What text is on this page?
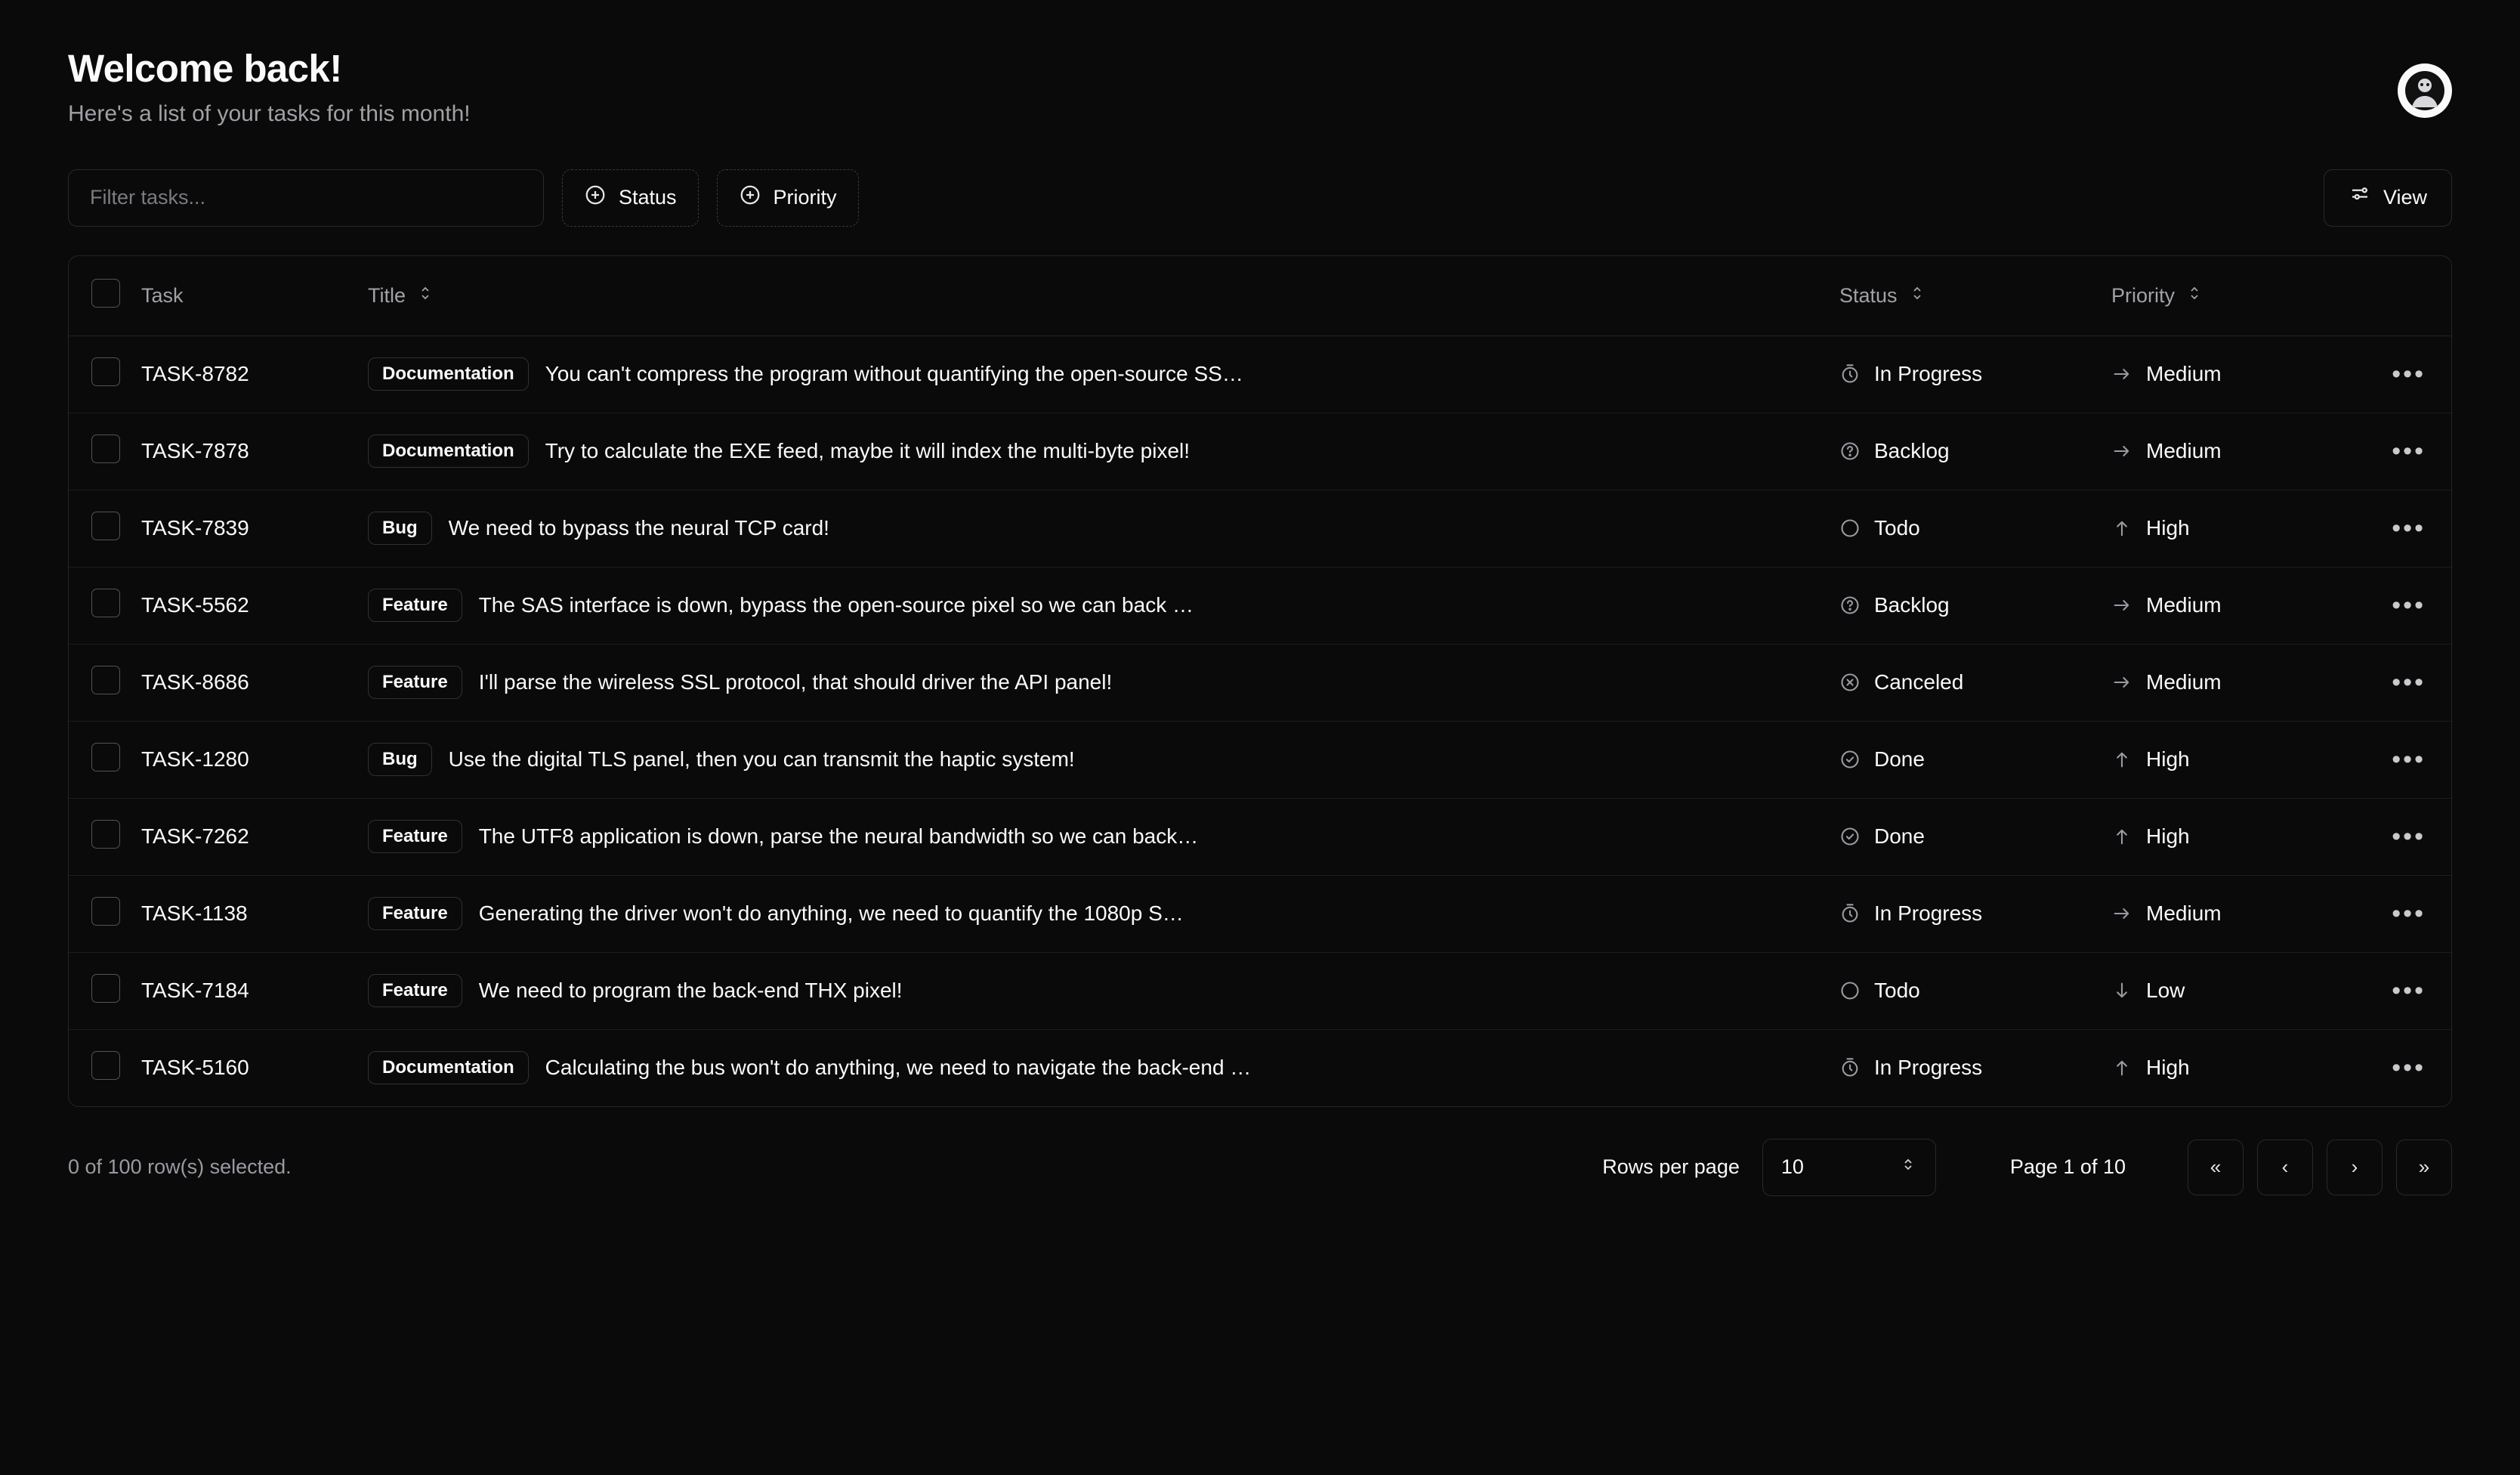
Welcome back!

Here's a list of your tasks for this month!

Filter tasks...
Status	Priority	View

	Task	Title	Status	Priority	

	TASK-8782	Documentation You can't compress the program without quantifying the open-source SS…	In Progress	Medium	•••
	TASK-7878	Documentation Try to calculate the EXE feed, maybe it will index the multi-byte pixel!	Backlog	Medium	•••
	TASK-7839	Bug We need to bypass the neural TCP card!	Todo	High	•••
	TASK-5562	Feature The SAS interface is down, bypass the open-source pixel so we can back …	Backlog	Medium	•••
	TASK-8686	Feature I'll parse the wireless SSL protocol, that should driver the API panel!	Canceled	Medium	•••
	TASK-1280	Bug Use the digital TLS panel, then you can transmit the haptic system!	Done	High	•••
	TASK-7262	Feature The UTF8 application is down, parse the neural bandwidth so we can back…	Done	High	•••
	TASK-1138	Feature Generating the driver won't do anything, we need to quantify the 1080p S…	In Progress	Medium	•••
	TASK-7184	Feature We need to program the back-end THX pixel!	Todo	Low	•••
	TASK-5160	Documentation Calculating the bus won't do anything, we need to navigate the back-end …	In Progress	High	•••
0 of 100 row(s) selected.	Rows per page 10	Page 1 of 10	«	‹	›	»
